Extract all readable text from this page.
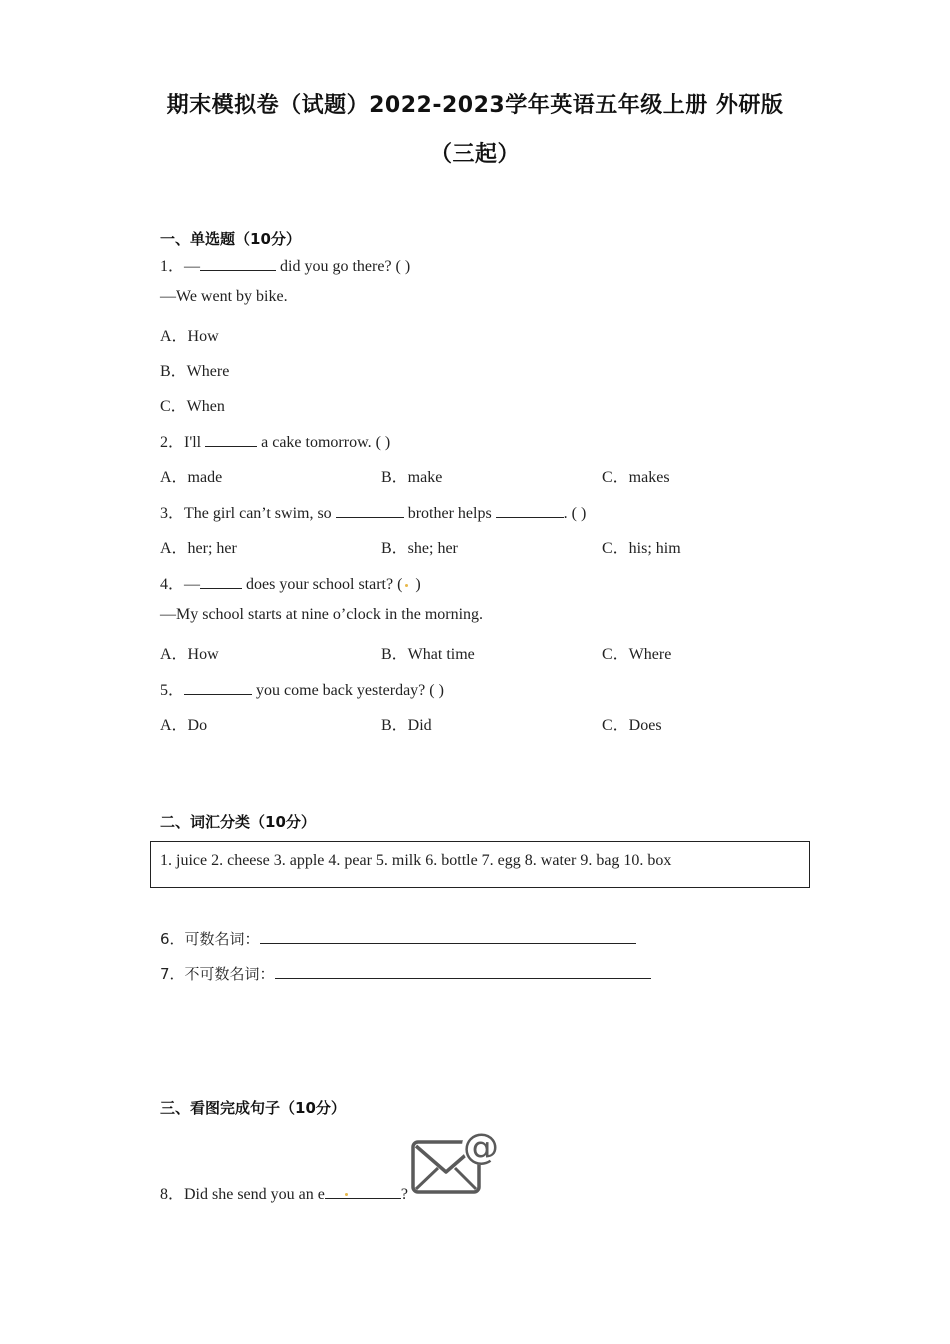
期末模拟卷（试题）2022-2023学年英语五年级上册 外研版
（三起）
一、单选题（10分）
1．—	did you go there? ( )
—We went by bike.
A．How
B．Where
C．When
2．I'll	a cake tomorrow. ( )
A．made	B．make	C．makes
3．The girl can’t swim, so	brother helps	. ( )
A．her; her	B．she; her	C．his; him
4．—	does your school start? ( )
—My school starts at nine o’clock in the morning.
A．How	B．What time	C．Where
5．	you come back yesterday? ( )
A．Do	B．Did	C．Does
二、词汇分类（10分）
1. juice 2. cheese 3. apple 4. pear 5. milk 6. bottle 7. egg 8. water 9. bag 10. box
6．可数名词：
7．不可数名词：
三、看图完成句子（10分）
8．Did she send you an e	?
@
